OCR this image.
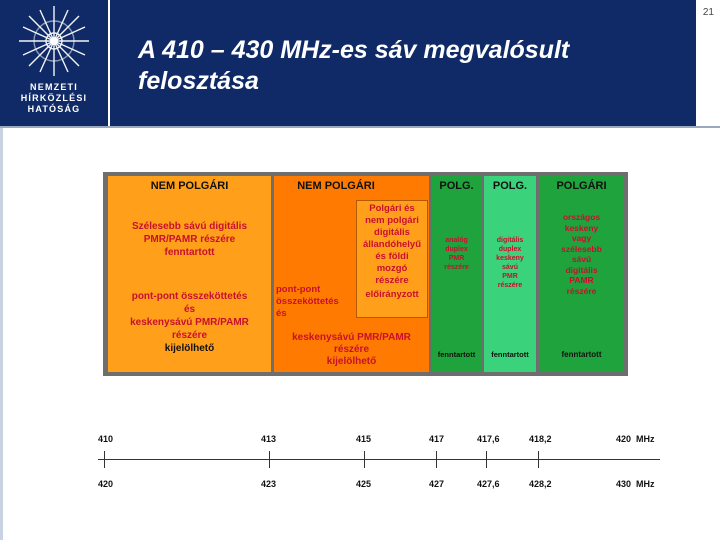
NEMZETI
HÍRKÖZLÉSI
HATÓSÁG
A 410 – 430 MHz-es sáv megvalósult
felosztása
21
NEM POLGÁRI
Szélesebb sávú digitális
PMR/PAMR részére
fenntartott
pont-pont összeköttetés
és
keskenysávú PMR/PAMR
részére
kijelölhető
NEM POLGÁRI
Polgári és
nem polgári
digitális
állandóhelyű
és földi
mozgó
részére
előirányzott
pont-pont
összeköttetés
és
keskenysávú PMR/PAMR
részére
kijelölhető
POLG.
analóg
duplex
PMR
részére
fenntartott
POLG.
digitális
duplex
keskeny
sávú
PMR
részére
fenntartott
POLGÁRI
országos
keskeny
vagy
szélesebb
sávú
digitális
PAMR
részére
fenntartott
410	413	415	417	417,6	418,2	420  MHz
420	423	425	427	427,6	428,2	430  MHz
